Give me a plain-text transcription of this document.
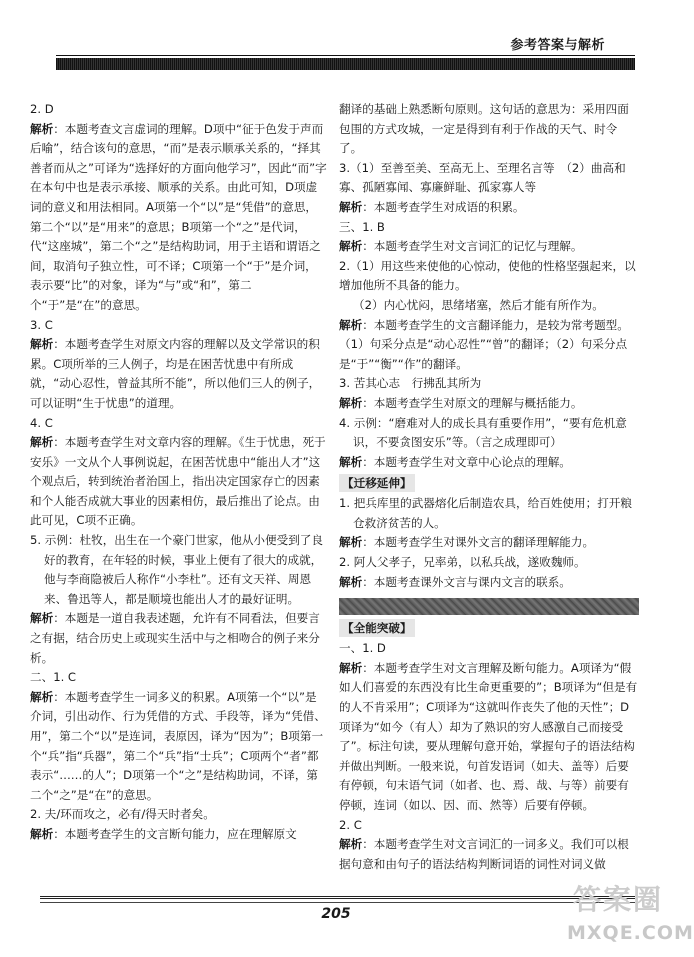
参考答案与解析

2. D

解析：本题考查文言虚词的理解。D项中“征于色发于声而后喻”，结合该句的意思，“而”是表示顺承关系的，“择其善者而从之”可译为“选择好的方面向他学习”，因此“而”字在本句中也是表示承接、顺承的关系。由此可知，D项虚词的意义和用法相同。A项第一个“以”是“凭借”的意思，第二个“以”是“用来”的意思；B项第一个“之”是代词，代“这座城”，第二个“之”是结构助词，用于主语和谓语之间，取消句子独立性，可不译；C项第一个“于”是介词，表示要“比”的对象，译为“与”或“和”，第二个“于”是“在”的意思。

3. C

解析：本题考查学生对原文内容的理解以及文学常识的积累。C项所举的三人例子，均是在困苦忧患中有所成就，“动心忍性，曾益其所不能”，所以他们三人的例子，可以证明“生于忧患”的道理。

4. C

解析：本题考查学生对文章内容的理解。《生于忧患，死于安乐》一文从个人事例说起，在困苦忧患中“能出人才”这个观点后，转到统治者治国上，指出决定国家存亡的因素和个人能否成就大事业的因素相仿，最后推出了论点。由此可见，C项不正确。

5. 示例：杜牧，出生在一个豪门世家，他从小便受到了良好的教育，在年轻的时候，事业上便有了很大的成就，他与李商隐被后人称作“小李杜”。还有文天祥、周恩来、鲁迅等人，都是顺境也能出人才的最好证明。

解析：本题是一道自我表述题，允许有不同看法，但要言之有据，结合历史上或现实生活中与之相吻合的例子来分析。

二、1. C

解析：本题考查学生一词多义的积累。A项第一个“以”是介词，引出动作、行为凭借的方式、手段等，译为“凭借、用”，第二个“以”是连词，表原因，译为“因为”；B项第一个“兵”指“兵器”，第二个“兵”指“士兵”；C项两个“者”都表示“……的人”；D项第一个“之”是结构助词，不译，第二个“之”是“在”的意思。

2. 夫/环而攻之，必有/得天时者矣。

解析：本题考查学生的文言断句能力，应在理解原文

翻译的基础上熟悉断句原则。这句话的意思为：采用四面包围的方式攻城，一定是得到有利于作战的天气、时令了。

3.（1）至善至美、至高无上、至理名言等　（2）曲高和寡、孤陋寡闻、寡廉鲜耻、孤家寡人等

解析：本题考查学生对成语的积累。

三、1. B

解析：本题考查学生对文言词汇的记忆与理解。

2.（1）用这些来使他的心惊动，使他的性格坚强起来，以增加他所不具备的能力。

（2）内心忧闷，思绪堵塞，然后才能有所作为。

解析：本题考查学生的文言翻译能力，是较为常考题型。（1）句采分点是“动心忍性”“曾”的翻译；（2）句采分点是“于”“衡”“作”的翻译。

3. 苦其心志　行拂乱其所为

解析：本题考查学生对原文的理解与概括能力。

4. 示例：“磨难对人的成长具有重要作用”，“要有危机意识，不要贪图安乐”等。（言之成理即可）

解析：本题考查学生对文章中心论点的理解。

【迁移延伸】

1. 把兵库里的武器熔化后制造农具，给百姓使用；打开粮仓救济贫苦的人。

解析：本题考查学生对课外文言的翻译理解能力。

2. 阿人父孝子，兄率弟，以私兵战，遂败魏师。

解析：本题考查课外文言与课内文言的联系。

【全能突破】

一、1. D

解析：本题考查学生对文言理解及断句能力。A项译为“假如人们喜爱的东西没有比生命更重要的”；B项译为“但是有的人不肯采用”；C项译为“这就叫作丧失了他的天性”；D项译为“如今（有人）却为了熟识的穷人感激自己而接受了”。标注句读，要从理解句意开始，掌握句子的语法结构并做出判断。一般来说，句首发语词（如夫、盖等）后要有停顿，句末语气词（如者、也、焉、哉、与等）前要有停顿，连词（如以、因、而、然等）后要有停顿。

2. C

解析：本题考查学生对文言词汇的一词多义。我们可以根据句意和由句子的语法结构判断词语的词性对词义做

205	答案圈
MXQE.COM
